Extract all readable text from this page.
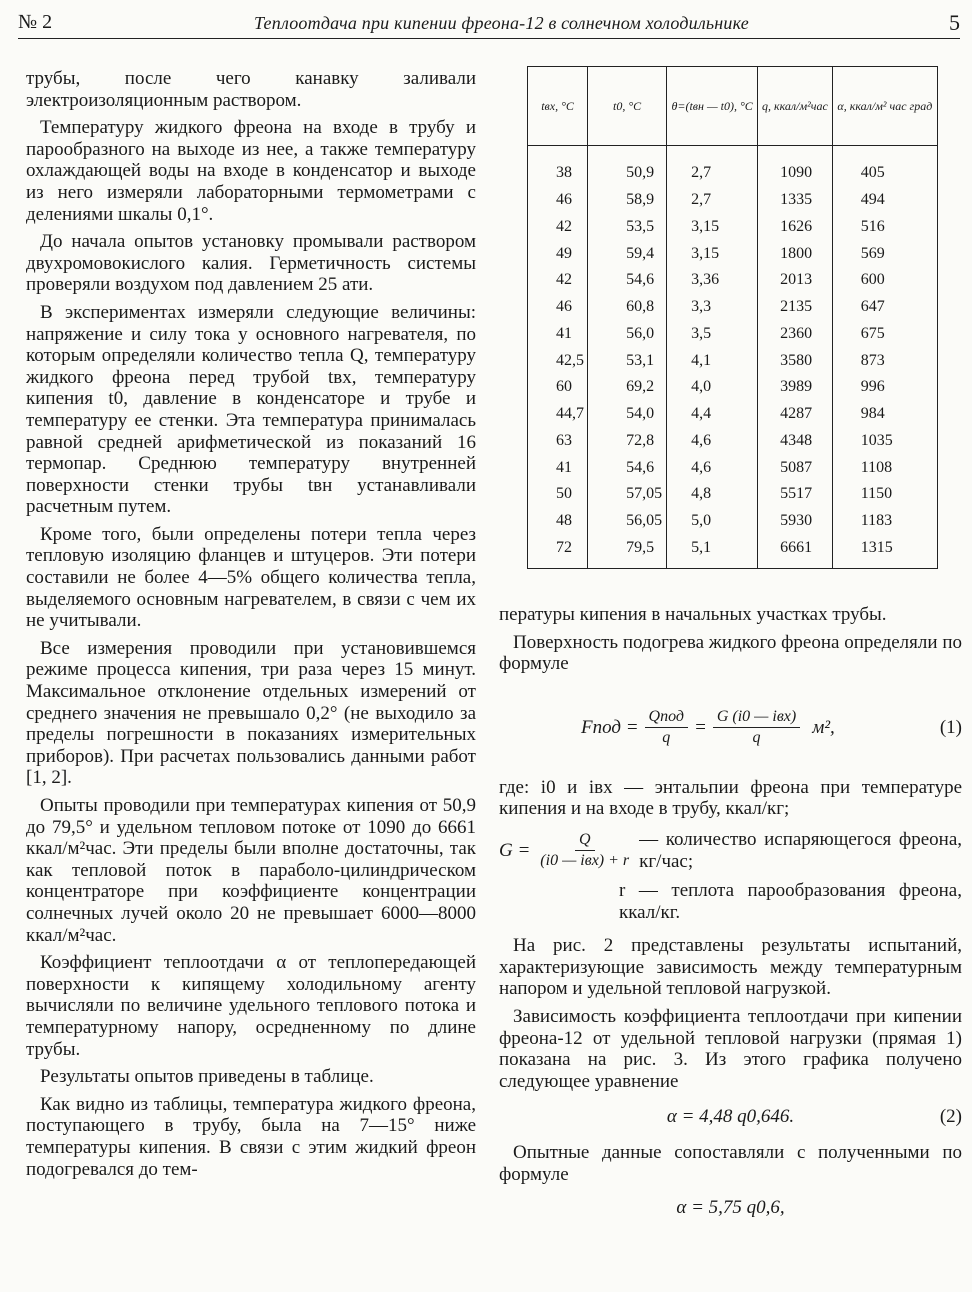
№ 2	Теплоотдача при кипении фреона-12 в солнечном холодильнике	5

трубы, после чего канавку заливали электроизоляционным раствором.

Температуру жидкого фреона на входе в трубу и парообразного на выходе из нее, а также температуру охлаждающей воды на входе в конденсатор и выходе из него измеряли лабораторными термометрами с делениями шкалы 0,1°.

До начала опытов установку промывали раствором двухромовокислого калия. Герметичность системы проверяли воздухом под давлением 25 ати.

В экспериментах измеряли следующие величины: напряжение и силу тока у основного нагревателя, по которым определяли количество тепла Q, температуру жидкого фреона перед трубой tвх, температуру кипения t0, давление в конденсаторе и трубе и температуру ее стенки. Эта температура принималась равной средней арифметической из показаний 16 термопар. Среднюю температуру внутренней поверхности стенки трубы tвн устанавливали расчетным путем.

Кроме того, были определены потери тепла через тепловую изоляцию фланцев и штуцеров. Эти потери составили не более 4—5% общего количества тепла, выделяемого основным нагревателем, в связи с чем их не учитывали.

Все измерения проводили при установившемся режиме процесса кипения, три раза через 15 минут. Максимальное отклонение отдельных измерений от среднего значения не превышало 0,2° (не выходило за пределы погрешности в показаниях измерительных приборов). При расчетах пользовались данными работ [1, 2].

Опыты проводили при температурах кипения от 50,9 до 79,5° и удельном тепловом потоке от 1090 до 6661 ккал/м²час. Эти пределы были вполне достаточны, так как тепловой поток в параболо-цилиндрическом концентраторе при коэффициенте концентрации солнечных лучей около 20 не превышает 6000—8000 ккал/м²час.

Коэффициент теплоотдачи α от теплопередающей поверхности к кипящему холодильному агенту вычисляли по величине удельного теплового потока и температурному напору, осредненному по длине трубы.

Результаты опытов приведены в таблице.

Как видно из таблицы, температура жидкого фреона, поступающего в трубу, была на 7—15° ниже температуры кипения. В связи с этим жидкий фреон подогревался до тем-

tвх, °C	t0, °C	θ=(tвн — t0), °C	q, ккал/м²час	α, ккал/м² час град
38	50,9	2,7	1090	405
46	58,9	2,7	1335	494
42	53,5	3,15	1626	516
49	59,4	3,15	1800	569
42	54,6	3,36	2013	600
46	60,8	3,3	2135	647
41	56,0	3,5	2360	675
42,5	53,1	4,1	3580	873
60	69,2	4,0	3989	996
44,7	54,0	4,4	4287	984
63	72,8	4,6	4348	1035
41	54,6	4,6	5087	1108
50	57,05	4,8	5517	1150
48	56,05	5,0	5930	1183
72	79,5	5,1	6661	1315

пературы кипения в начальных участках трубы.

Поверхность подогрева жидкого фреона определяли по формуле

Fпод = $\frac{\text{Qпод}}{q} = \frac{\text{G (i0 — iвх)}}{q} м^2$,	(1)

где: i0 и iвх — энтальпии фреона при температуре кипения и на входе в трубу, ккал/кг;

$G = \frac{Q}{\text{(i0 — iвх) + r}}$ — количество испаряющегося фреона, кг/час;

r — теплота парообразования фреона, ккал/кг.

На рис. 2 представлены результаты испытаний, характеризующие зависимость между температурным напором и удельной тепловой нагрузкой.

Зависимость коэффициента теплоотдачи при кипении фреона-12 от удельной тепловой нагрузки (прямая 1) показана на рис. 3. Из этого графика получено следующее уравнение

α = 4,48 q0,646.	(2)

Опытные данные сопоставляли с полученными по формуле

α = 5,75 q0,6,
